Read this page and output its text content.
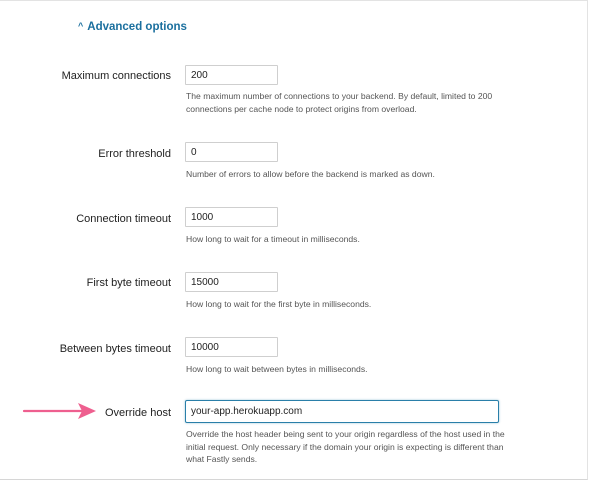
^ Advanced options
Maximum connections
200
The maximum number of connections to your backend. By default, limited to 200 connections per cache node to protect origins from overload.
Error threshold
0
Number of errors to allow before the backend is marked as down.
Connection timeout
1000
How long to wait for a timeout in milliseconds.
First byte timeout
15000
How long to wait for the first byte in milliseconds.
Between bytes timeout
10000
How long to wait between bytes in milliseconds.
Override host
your-app.herokuapp.com
Override the host header being sent to your origin regardless of the host used in the initial request. Only necessary if the domain your origin is expecting is different than what Fastly sends.
